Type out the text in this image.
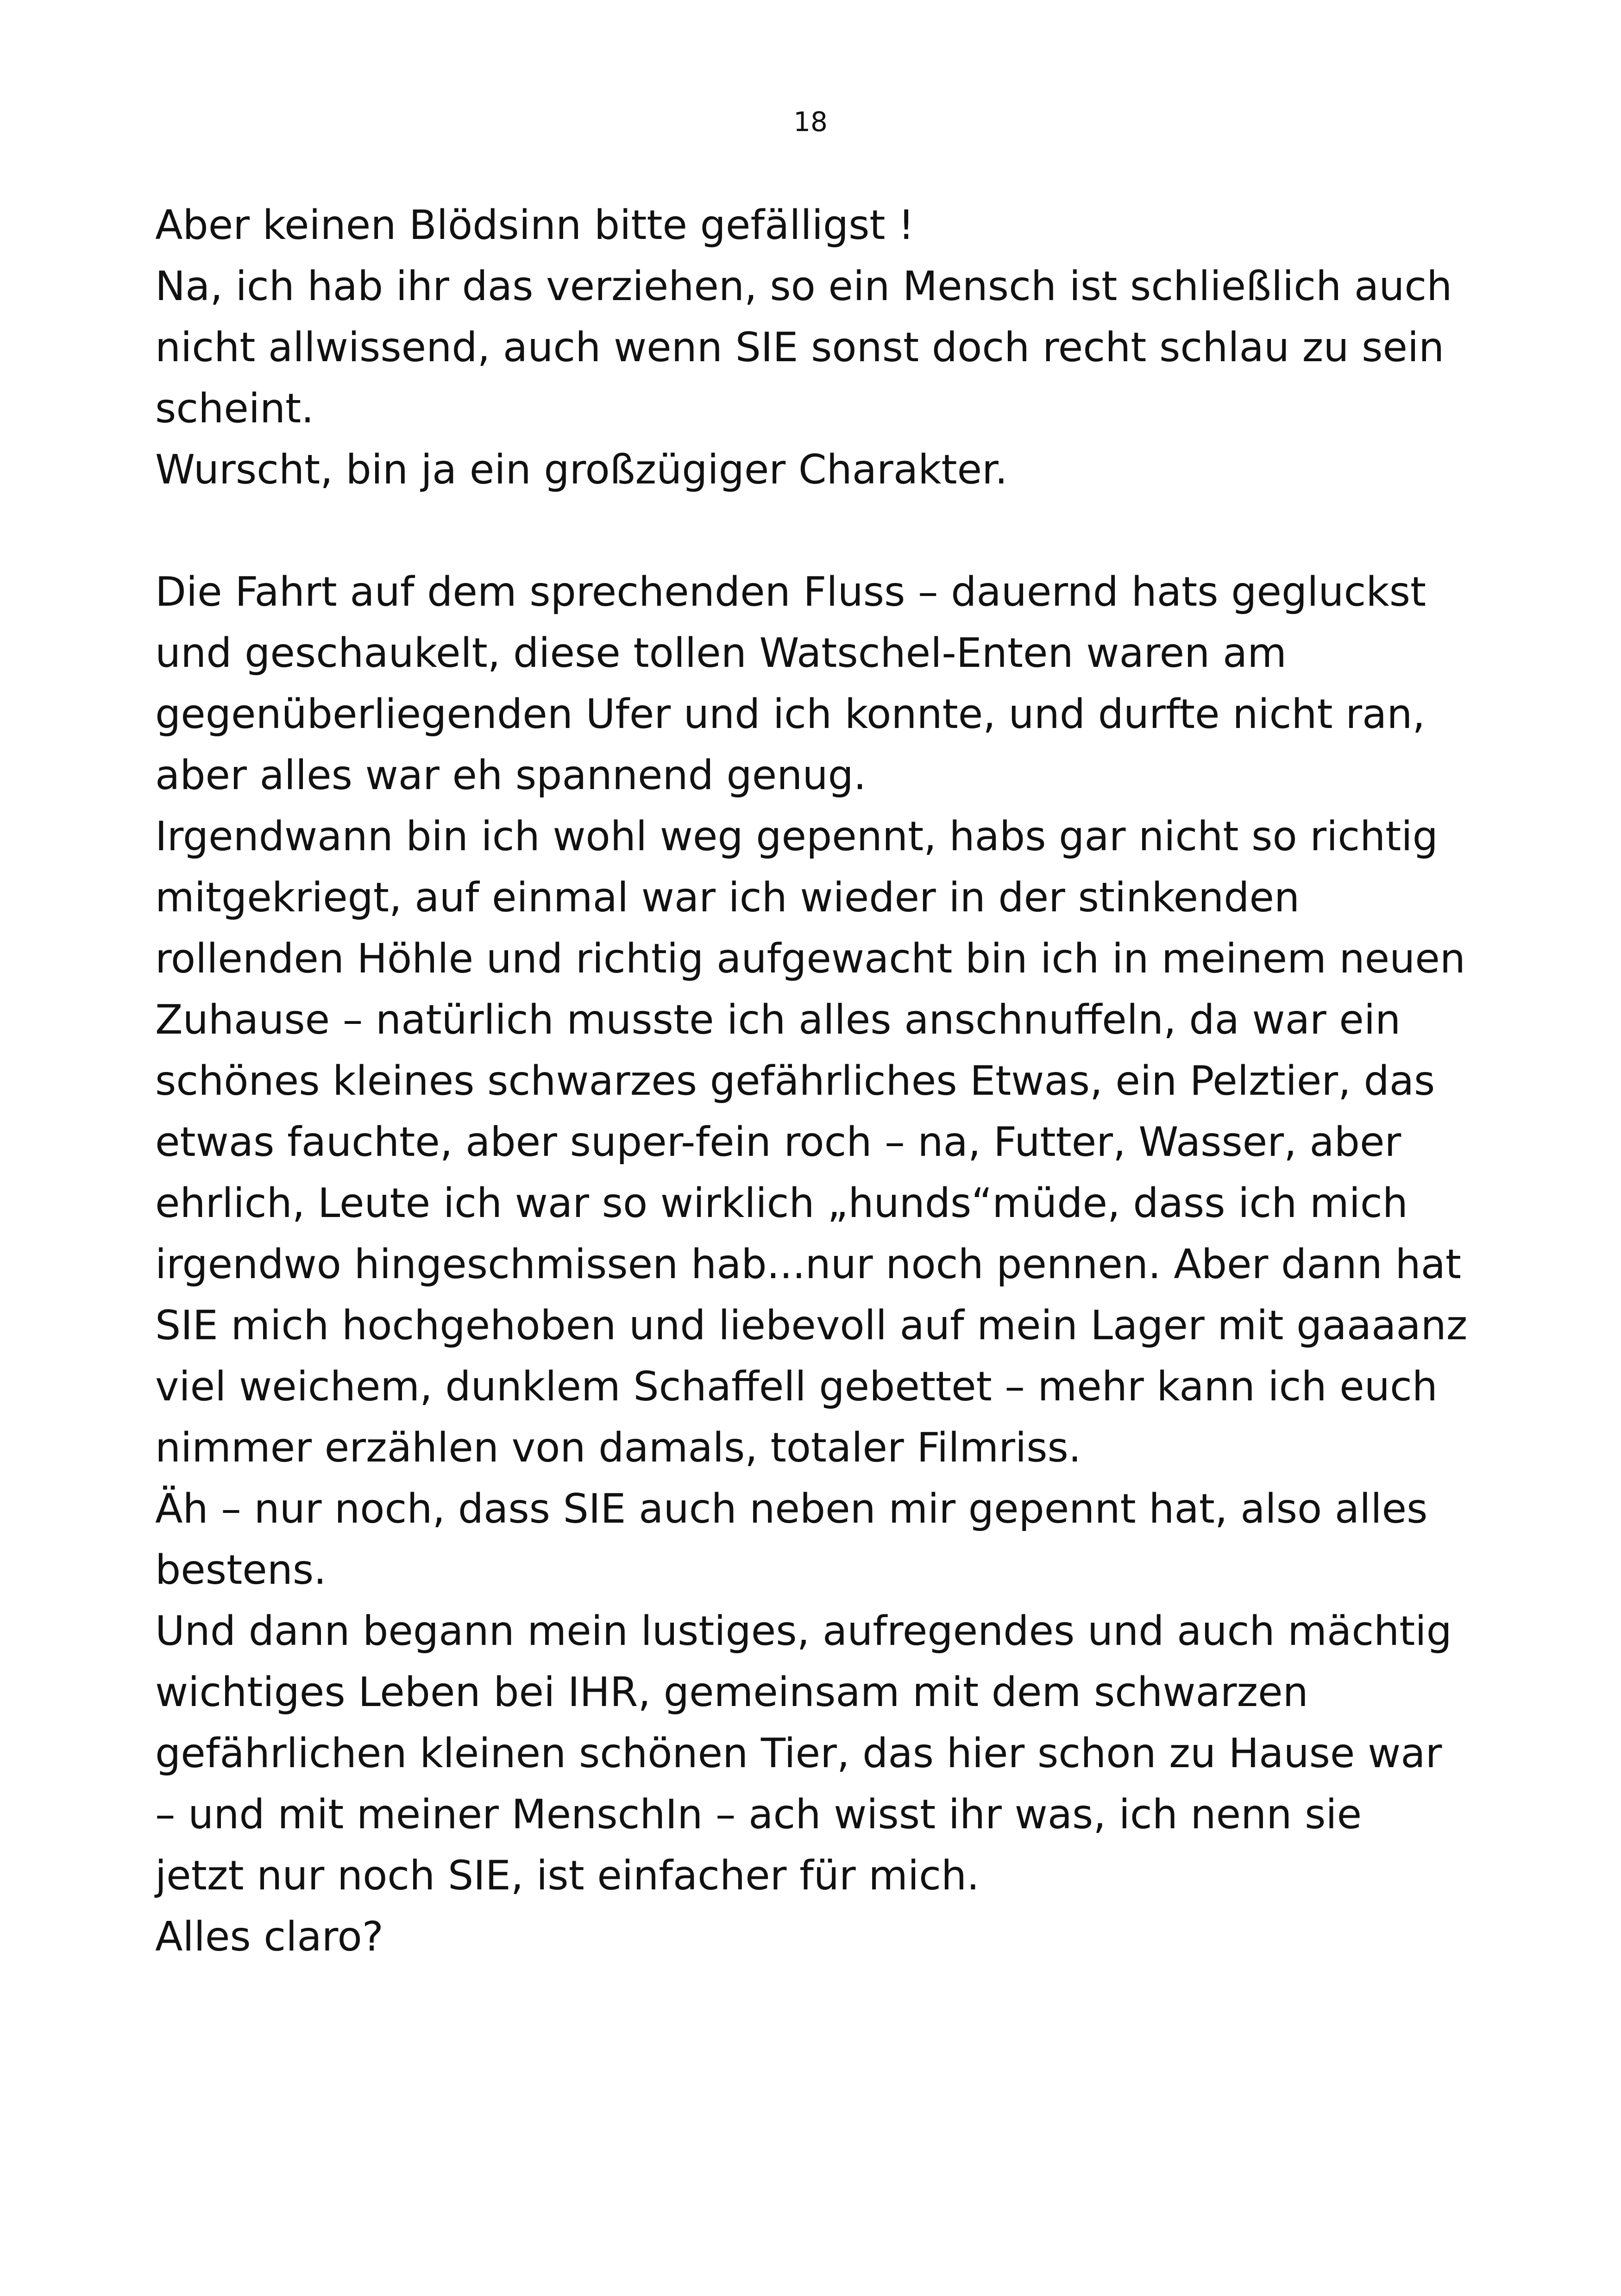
18
Aber keinen Blödsinn bitte gefälligst !
Na, ich hab ihr das verziehen, so ein Mensch ist schließlich auch
nicht allwissend, auch wenn SIE sonst doch recht schlau zu sein
scheint.
Wurscht, bin ja ein großzügiger Charakter.
Die Fahrt auf dem sprechenden Fluss – dauernd hats gegluckst
und geschaukelt, diese tollen Watschel-Enten waren am
gegenüberliegenden Ufer und ich konnte, und durfte nicht ran,
aber alles war eh spannend genug.
Irgendwann bin ich wohl weg gepennt, habs gar nicht so richtig
mitgekriegt, auf einmal war ich wieder in der stinkenden
rollenden Höhle und richtig aufgewacht bin ich in meinem neuen
Zuhause – natürlich musste ich alles anschnuffeln, da war ein
schönes kleines schwarzes gefährliches Etwas, ein Pelztier, das
etwas fauchte, aber super-fein roch – na, Futter, Wasser, aber
ehrlich, Leute ich war so wirklich „hunds“müde, dass ich mich
irgendwo hingeschmissen hab...nur noch pennen. Aber dann hat
SIE mich hochgehoben und liebevoll auf mein Lager mit gaaaanz
viel weichem, dunklem Schaffell gebettet – mehr kann ich euch
nimmer erzählen von damals, totaler Filmriss.
Äh – nur noch, dass SIE auch neben mir gepennt hat, also alles
bestens.
Und dann begann mein lustiges, aufregendes und auch mächtig
wichtiges Leben bei IHR, gemeinsam mit dem schwarzen
gefährlichen kleinen schönen Tier, das hier schon zu Hause war
– und mit meiner MenschIn – ach wisst ihr was, ich nenn sie
jetzt nur noch SIE, ist einfacher für mich.
Alles claro?
